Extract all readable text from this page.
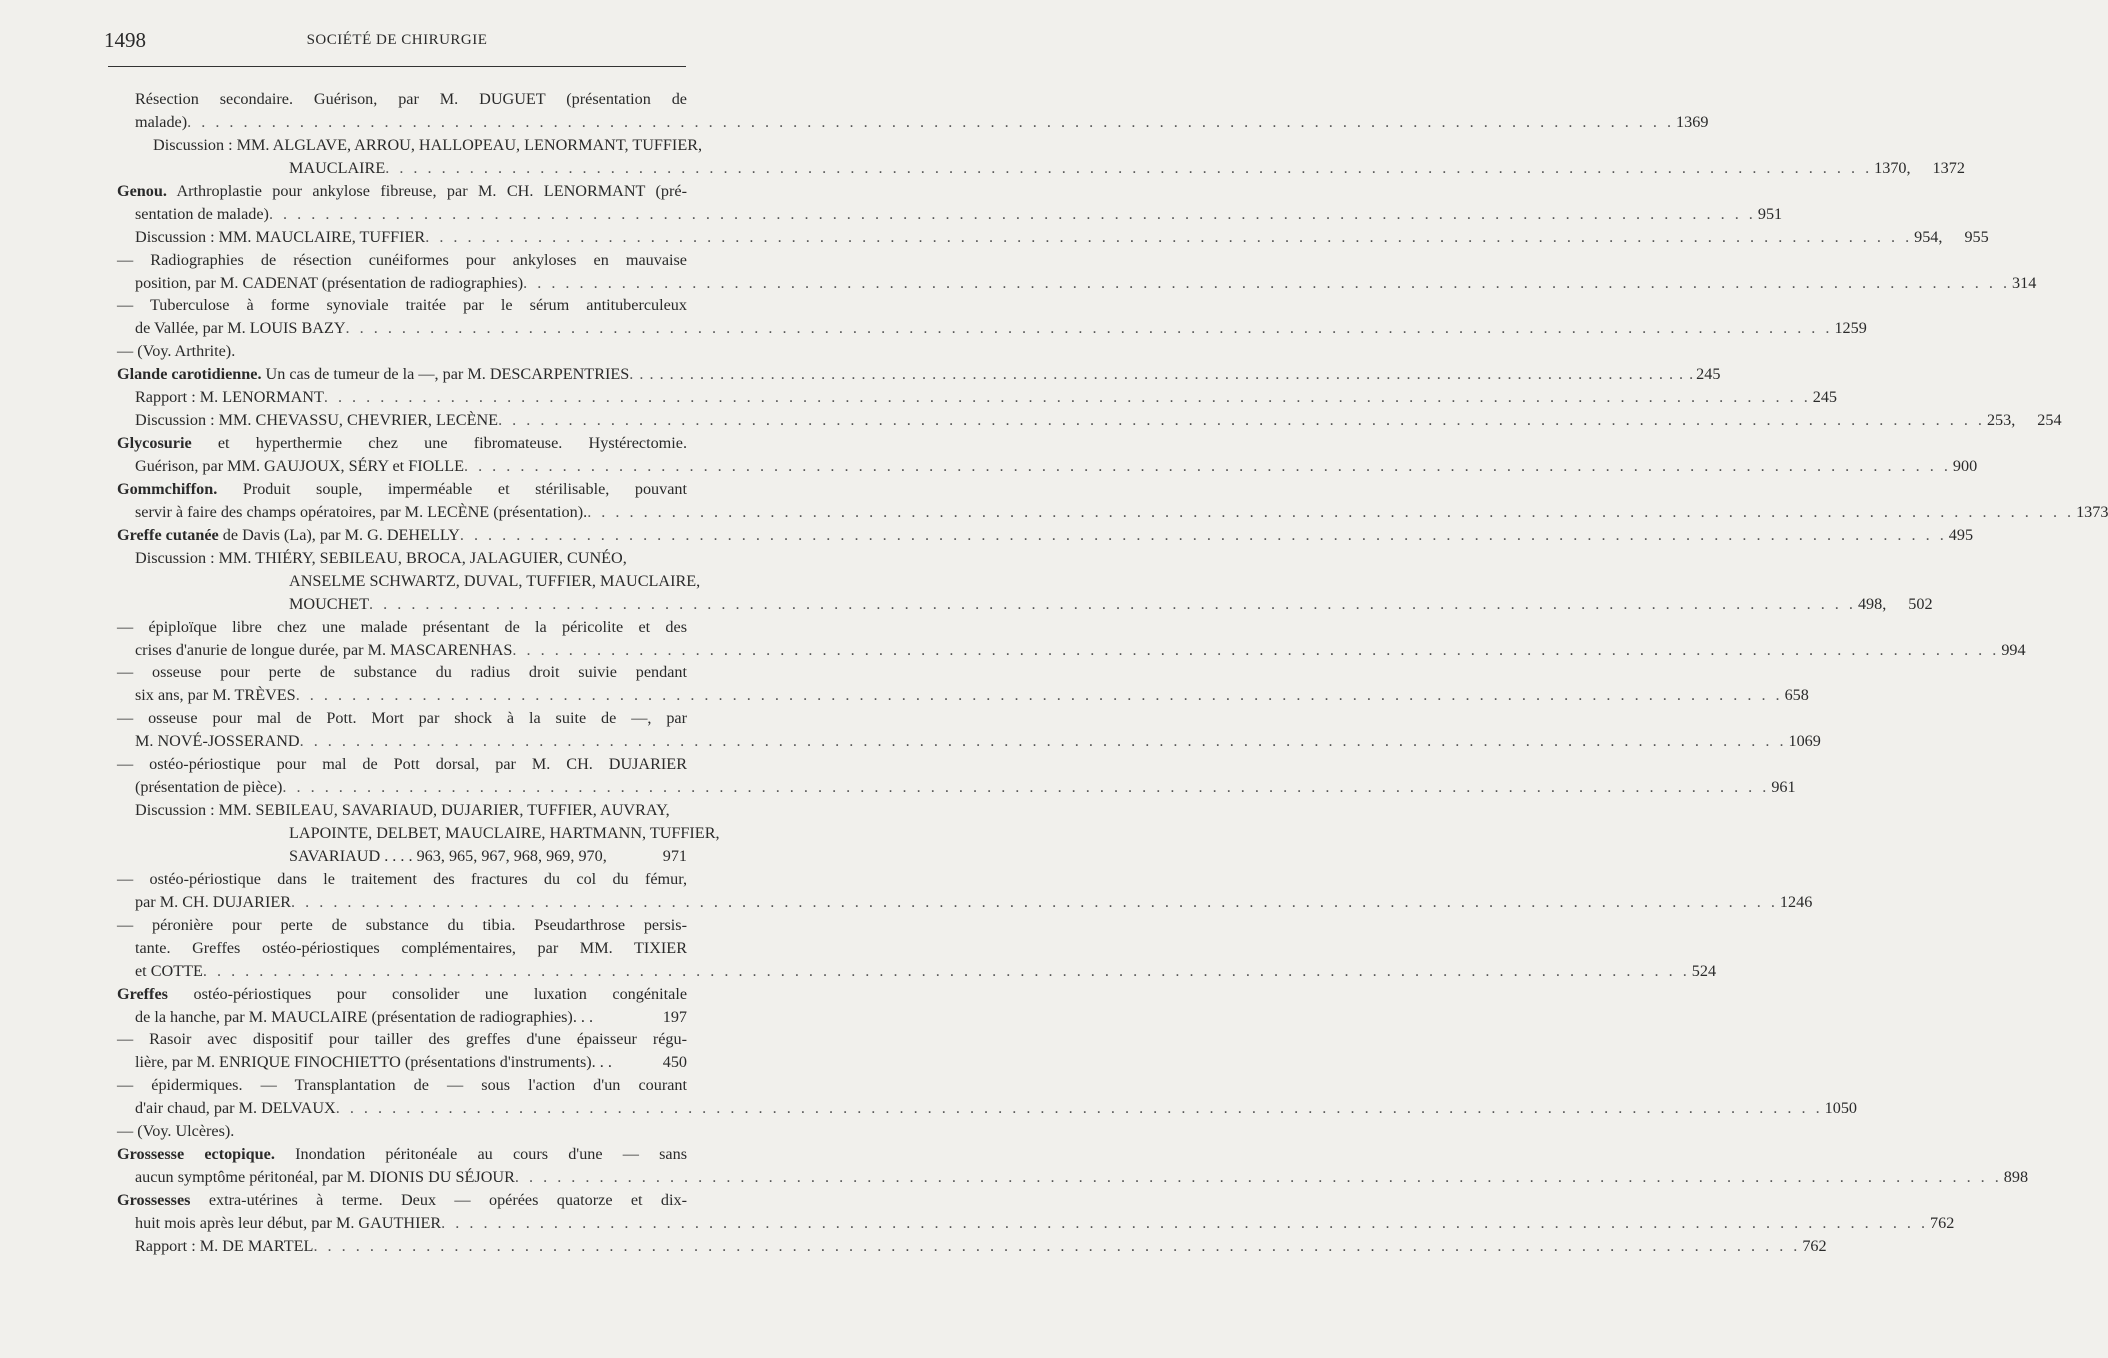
1498	SOCIÉTÉ DE CHIRURGIE
Résection secondaire. Guérison, par M. DUGUET (présentation de
malade) . . .	1369
Discussion : MM. ALGLAVE, ARROU, HALLOPEAU, LENORMANT, TUFFIER,
MAUCLAIRE . . .	1370,	1372
Genou. Arthroplastie pour ankylose fibreuse, par M. CH. LENORMANT (pré-
sentation de malade) . . .	951
Discussion : MM. MAUCLAIRE, TUFFIER . . .	954,	955
— Radiographies de résection cunéiformes pour ankyloses en mauvaise
position, par M. CADENAT (présentation de radiographies) . . .	314
— Tuberculose à forme synoviale traitée par le sérum antituberculeux
de Vallée, par M. LOUIS BAZY . . .	1259
— (Voy. Arthrite).
Glande carotidienne. Un cas de tumeur de la —, par M. DESCARPENTRIES . . .	245
Rapport : M. LENORMANT . . .	245
Discussion : MM. CHEVASSU, CHEVRIER, LECÈNE . . .	253,	254
Glycosurie et hyperthermie chez une fibromateuse. Hystérectomie.
Guérison, par MM. GAUJOUX, SÉRY et FIOLLE . . .	900
Gommchiffon. Produit souple, imperméable et stérilisable, pouvant
servir à faire des champs opératoires, par M. LECÈNE (présentation). . . .	1373
Greffe cutanée de Davis (La), par M. G. DEHELLY . . .	495
Discussion : MM. THIÉRY, SEBILEAU, BROCA, JALAGUIER, CUNÉO,
ANSELME SCHWARTZ, DUVAL, TUFFIER, MAUCLAIRE,
MOUCHET . . .	498,	502
— épiploïque libre chez une malade présentant de la péricolite et des
crises d'anurie de longue durée, par M. MASCARENHAS . . .	994
— osseuse pour perte de substance du radius droit suivie pendant
six ans, par M. TRÈVES . . .	658
— osseuse pour mal de Pott. Mort par shock à la suite de —, par
M. NOVÉ-JOSSERAND . . .	1069
— ostéo-périostique pour mal de Pott dorsal, par M. CH. DUJARIER
(présentation de pièce) . . .	961
Discussion : MM. SEBILEAU, SAVARIAUD, DUJARIER, TUFFIER, AUVRAY,
LAPOINTE, DELBET, MAUCLAIRE, HARTMANN, TUFFIER,
SAVARIAUD . . . . 963, 965, 967, 968, 969, 970,	971
— ostéo-périostique dans le traitement des fractures du col du fémur,
par M. CH. DUJARIER . . .	1246
— péronière pour perte de substance du tibia. Pseudarthrose persis-
tante. Greffes ostéo-périostiques complémentaires, par MM. TIXIER
et COTTE . . .	524
Greffes ostéo-périostiques pour consolider une luxation congénitale
de la hanche, par M. MAUCLAIRE (présentation de radiographies). . .	197
— Rasoir avec dispositif pour tailler des greffes d'une épaisseur régu-
lière, par M. ENRIQUE FINOCHIETTO (présentations d'instruments). . .	450
— épidermiques. — Transplantation de — sous l'action d'un courant
d'air chaud, par M. DELVAUX . . .	1050
— (Voy. Ulcères).
Grossesse ectopique. Inondation péritonéale au cours d'une — sans
aucun symptôme péritonéal, par M. DIONIS DU SÉJOUR . . .	898
Grossesses extra-utérines à terme. Deux — opérées quatorze et dix-
huit mois après leur début, par M. GAUTHIER . . .	762
Rapport : M. DE MARTEL . . .	762
